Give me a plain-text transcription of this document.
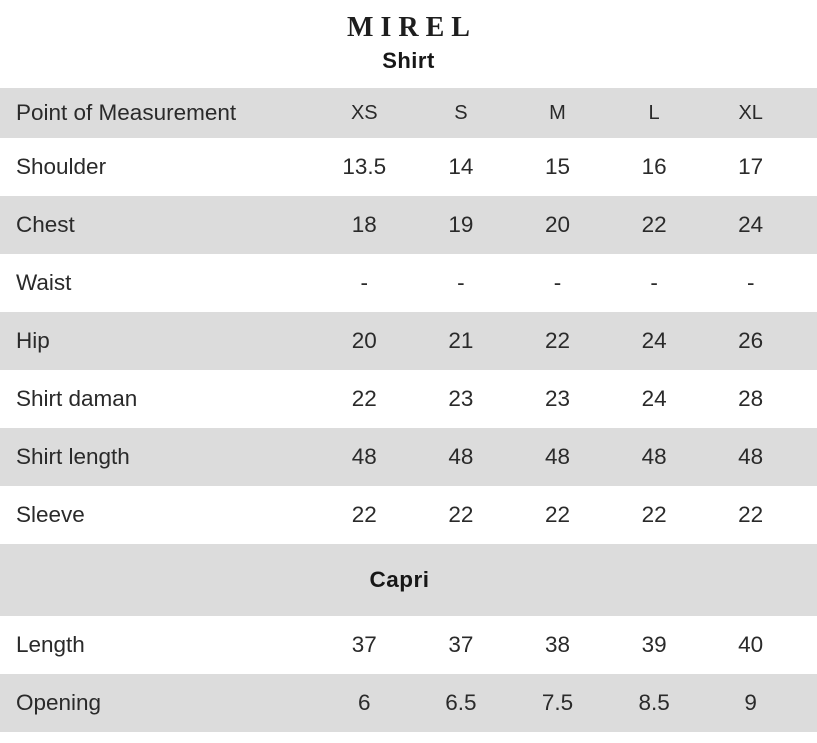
MIREL
Shirt
Point of Measurement	XS	S	M	L	XL
Shoulder	13.5	14	15	16	17
Chest	18	19	20	22	24
Waist	-	-	-	-	-
Hip	20	21	22	24	26
Shirt daman	22	23	23	24	28
Shirt length	48	48	48	48	48
Sleeve	22	22	22	22	22
Capri
Length	37	37	38	39	40
Opening	6	6.5	7.5	8.5	9
